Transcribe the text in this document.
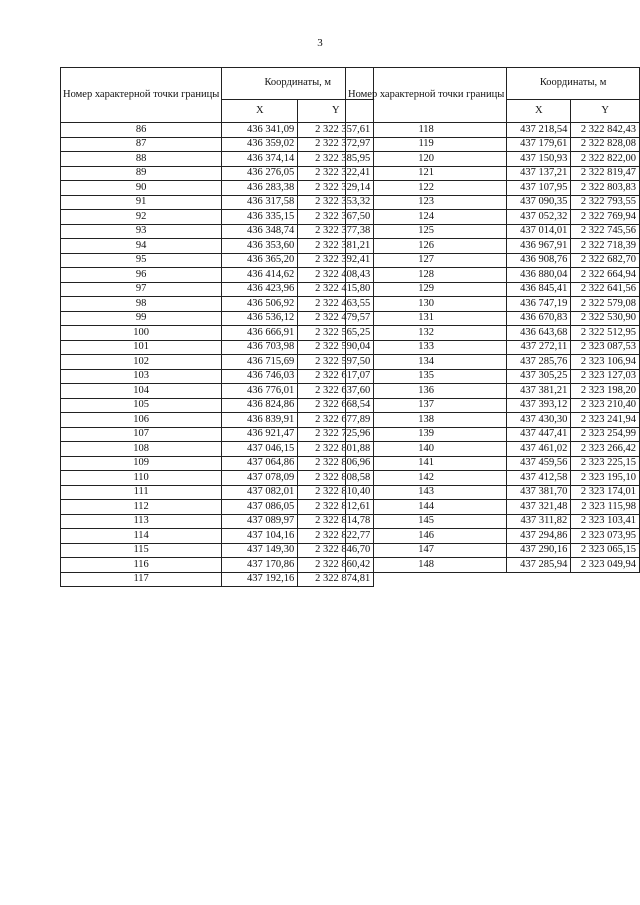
3
Номер характерной точки границы	Координаты, м	
	X	Y
86	436 341,09	2 322 357,61
87	436 359,02	2 322 372,97
88	436 374,14	2 322 385,95
89	436 276,05	2 322 322,41
90	436 283,38	2 322 329,14
91	436 317,58	2 322 353,32
92	436 335,15	2 322 367,50
93	436 348,74	2 322 377,38
94	436 353,60	2 322 381,21
95	436 365,20	2 322 392,41
96	436 414,62	2 322 408,43
97	436 423,96	2 322 415,80
98	436 506,92	2 322 463,55
99	436 536,12	2 322 479,57
100	436 666,91	2 322 565,25
101	436 703,98	2 322 590,04
102	436 715,69	2 322 597,50
103	436 746,03	2 322 617,07
104	436 776,01	2 322 637,60
105	436 824,86	2 322 668,54
106	436 839,91	2 322 677,89
107	436 921,47	2 322 725,96
108	437 046,15	2 322 801,88
109	437 064,86	2 322 806,96
110	437 078,09	2 322 808,58
111	437 082,01	2 322 810,40
112	437 086,05	2 322 812,61
113	437 089,97	2 322 814,78
114	437 104,16	2 322 822,77
115	437 149,30	2 322 846,70
116	437 170,86	2 322 860,42
117	437 192,16	2 322 874,81
Номер характерной точки границы	Координаты, м	
	X	Y
118	437 218,54	2 322 842,43
119	437 179,61	2 322 828,08
120	437 150,93	2 322 822,00
121	437 137,21	2 322 819,47
122	437 107,95	2 322 803,83
123	437 090,35	2 322 793,55
124	437 052,32	2 322 769,94
125	437 014,01	2 322 745,56
126	436 967,91	2 322 718,39
127	436 908,76	2 322 682,70
128	436 880,04	2 322 664,94
129	436 845,41	2 322 641,56
130	436 747,19	2 322 579,08
131	436 670,83	2 322 530,90
132	436 643,68	2 322 512,95
133	437 272,11	2 323 087,53
134	437 285,76	2 323 106,94
135	437 305,25	2 323 127,03
136	437 381,21	2 323 198,20
137	437 393,12	2 323 210,40
138	437 430,30	2 323 241,94
139	437 447,41	2 323 254,99
140	437 461,02	2 323 266,42
141	437 459,56	2 323 225,15
142	437 412,58	2 323 195,10
143	437 381,70	2 323 174,01
144	437 321,48	2 323 115,98
145	437 311,82	2 323 103,41
146	437 294,86	2 323 073,95
147	437 290,16	2 323 065,15
148	437 285,94	2 323 049,94
